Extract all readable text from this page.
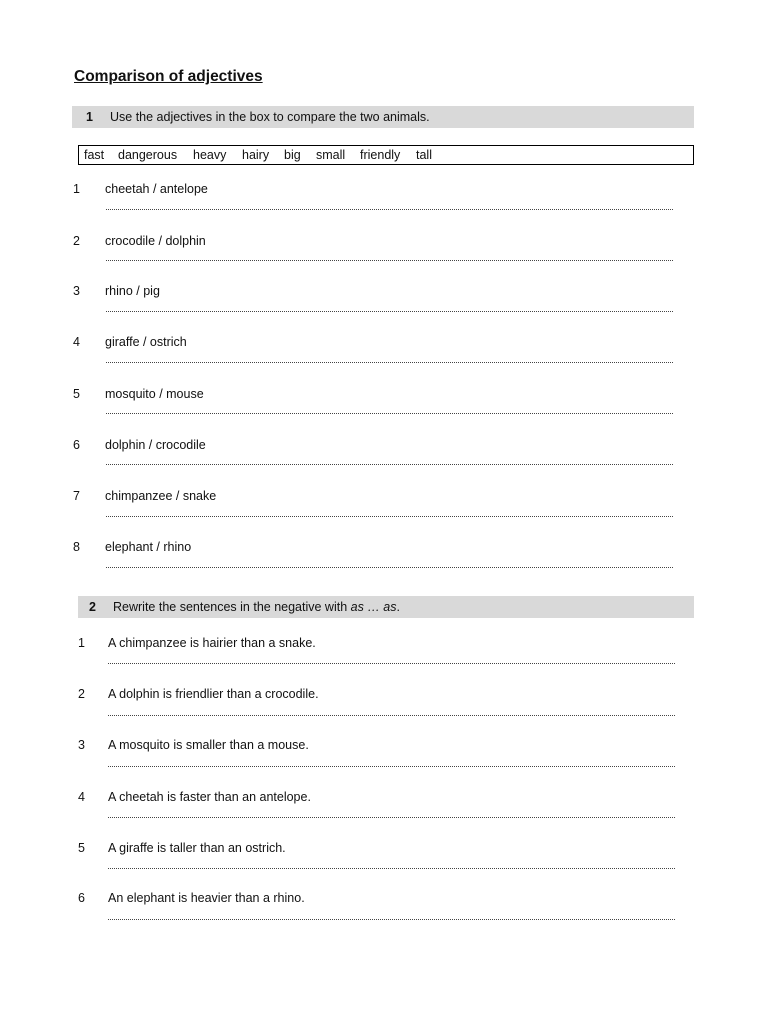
Comparison of adjectives
1 Use the adjectives in the box to compare the two animals.
fast dangerous heavy hairy big small friendly tall
1 cheetah / antelope
2 crocodile / dolphin
3 rhino / pig
4 giraffe / ostrich
5 mosquito / mouse
6 dolphin / crocodile
7 chimpanzee / snake
8 elephant / rhino
2 Rewrite the sentences in the negative with as … as.
1 A chimpanzee is hairier than a snake.
2 A dolphin is friendlier than a crocodile.
3 A mosquito is smaller than a mouse.
4 A cheetah is faster than an antelope.
5 A giraffe is taller than an ostrich.
6 An elephant is heavier than a rhino.
